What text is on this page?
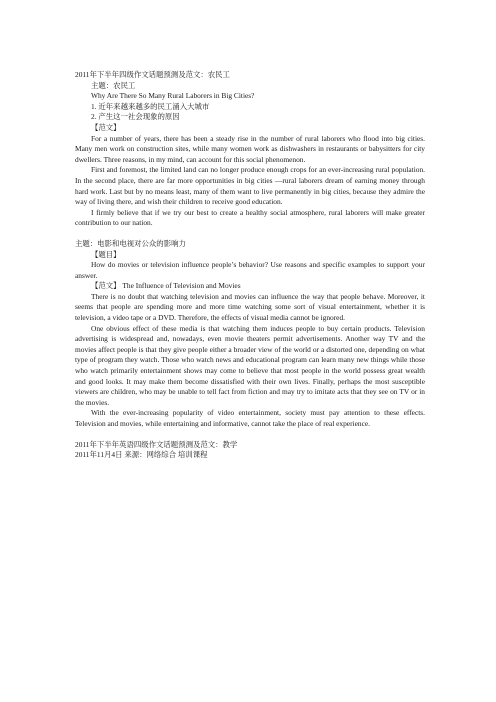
2011年下半年四级作文话题预测及范文：农民工
主题：农民工
Why Are There So Many Rural Laborers in Big Cities?
1. 近年来越来越多的民工涌入大城市
2. 产生这一社会现象的原因
【范文】
For a number of years, there has been a steady rise in the number of rural laborers who flood into big cities. Many men work on construction sites, while many women work as dishwashers in restaurants or babysitters for city dwellers. Three reasons, in my mind, can account for this social phenomenon.
First and foremost, the limited land can no longer produce enough crops for an ever-increasing rural population. In the second place, there are far more opportunities in big cities —rural laborers dream of earning money through hard work. Last but by no means least, many of them want to live permanently in big cities, because they admire the way of living there, and wish their children to receive good education.
I firmly believe that if we try our best to create a healthy social atmosphere, rural laborers will make greater contribution to our nation.
主题：电影和电视对公众的影响力
【题目】
How do movies or television influence people’s behavior? Use reasons and specific examples to support your answer.
【范文】 The Influence of Television and Movies
There is no doubt that watching television and movies can influence the way that people behave. Moreover, it seems that people are spending more and more time watching some sort of visual entertainment, whether it is television, a video tape or a DVD. Therefore, the effects of visual media cannot be ignored.
One obvious effect of these media is that watching them induces people to buy certain products. Television advertising is widespread and, nowadays, even movie theaters permit advertisements. Another way TV and the movies affect people is that they give people either a broader view of the world or a distorted one, depending on what type of program they watch. Those who watch news and educational program can learn many new things while those who watch primarily entertainment shows may come to believe that most people in the world possess great wealth and good looks. It may make them become dissatisfied with their own lives. Finally, perhaps the most susceptible viewers are children, who may be unable to tell fact from fiction and may try to imitate acts that they see on TV or in the movies.
With the ever-increasing popularity of video entertainment, society must pay attention to these effects. Television and movies, while entertaining and informative, cannot take the place of real experience.
2011年下半年英语四级作文话题预测及范文：教学
2011年11月4日 来源：网络综合 培训课程
